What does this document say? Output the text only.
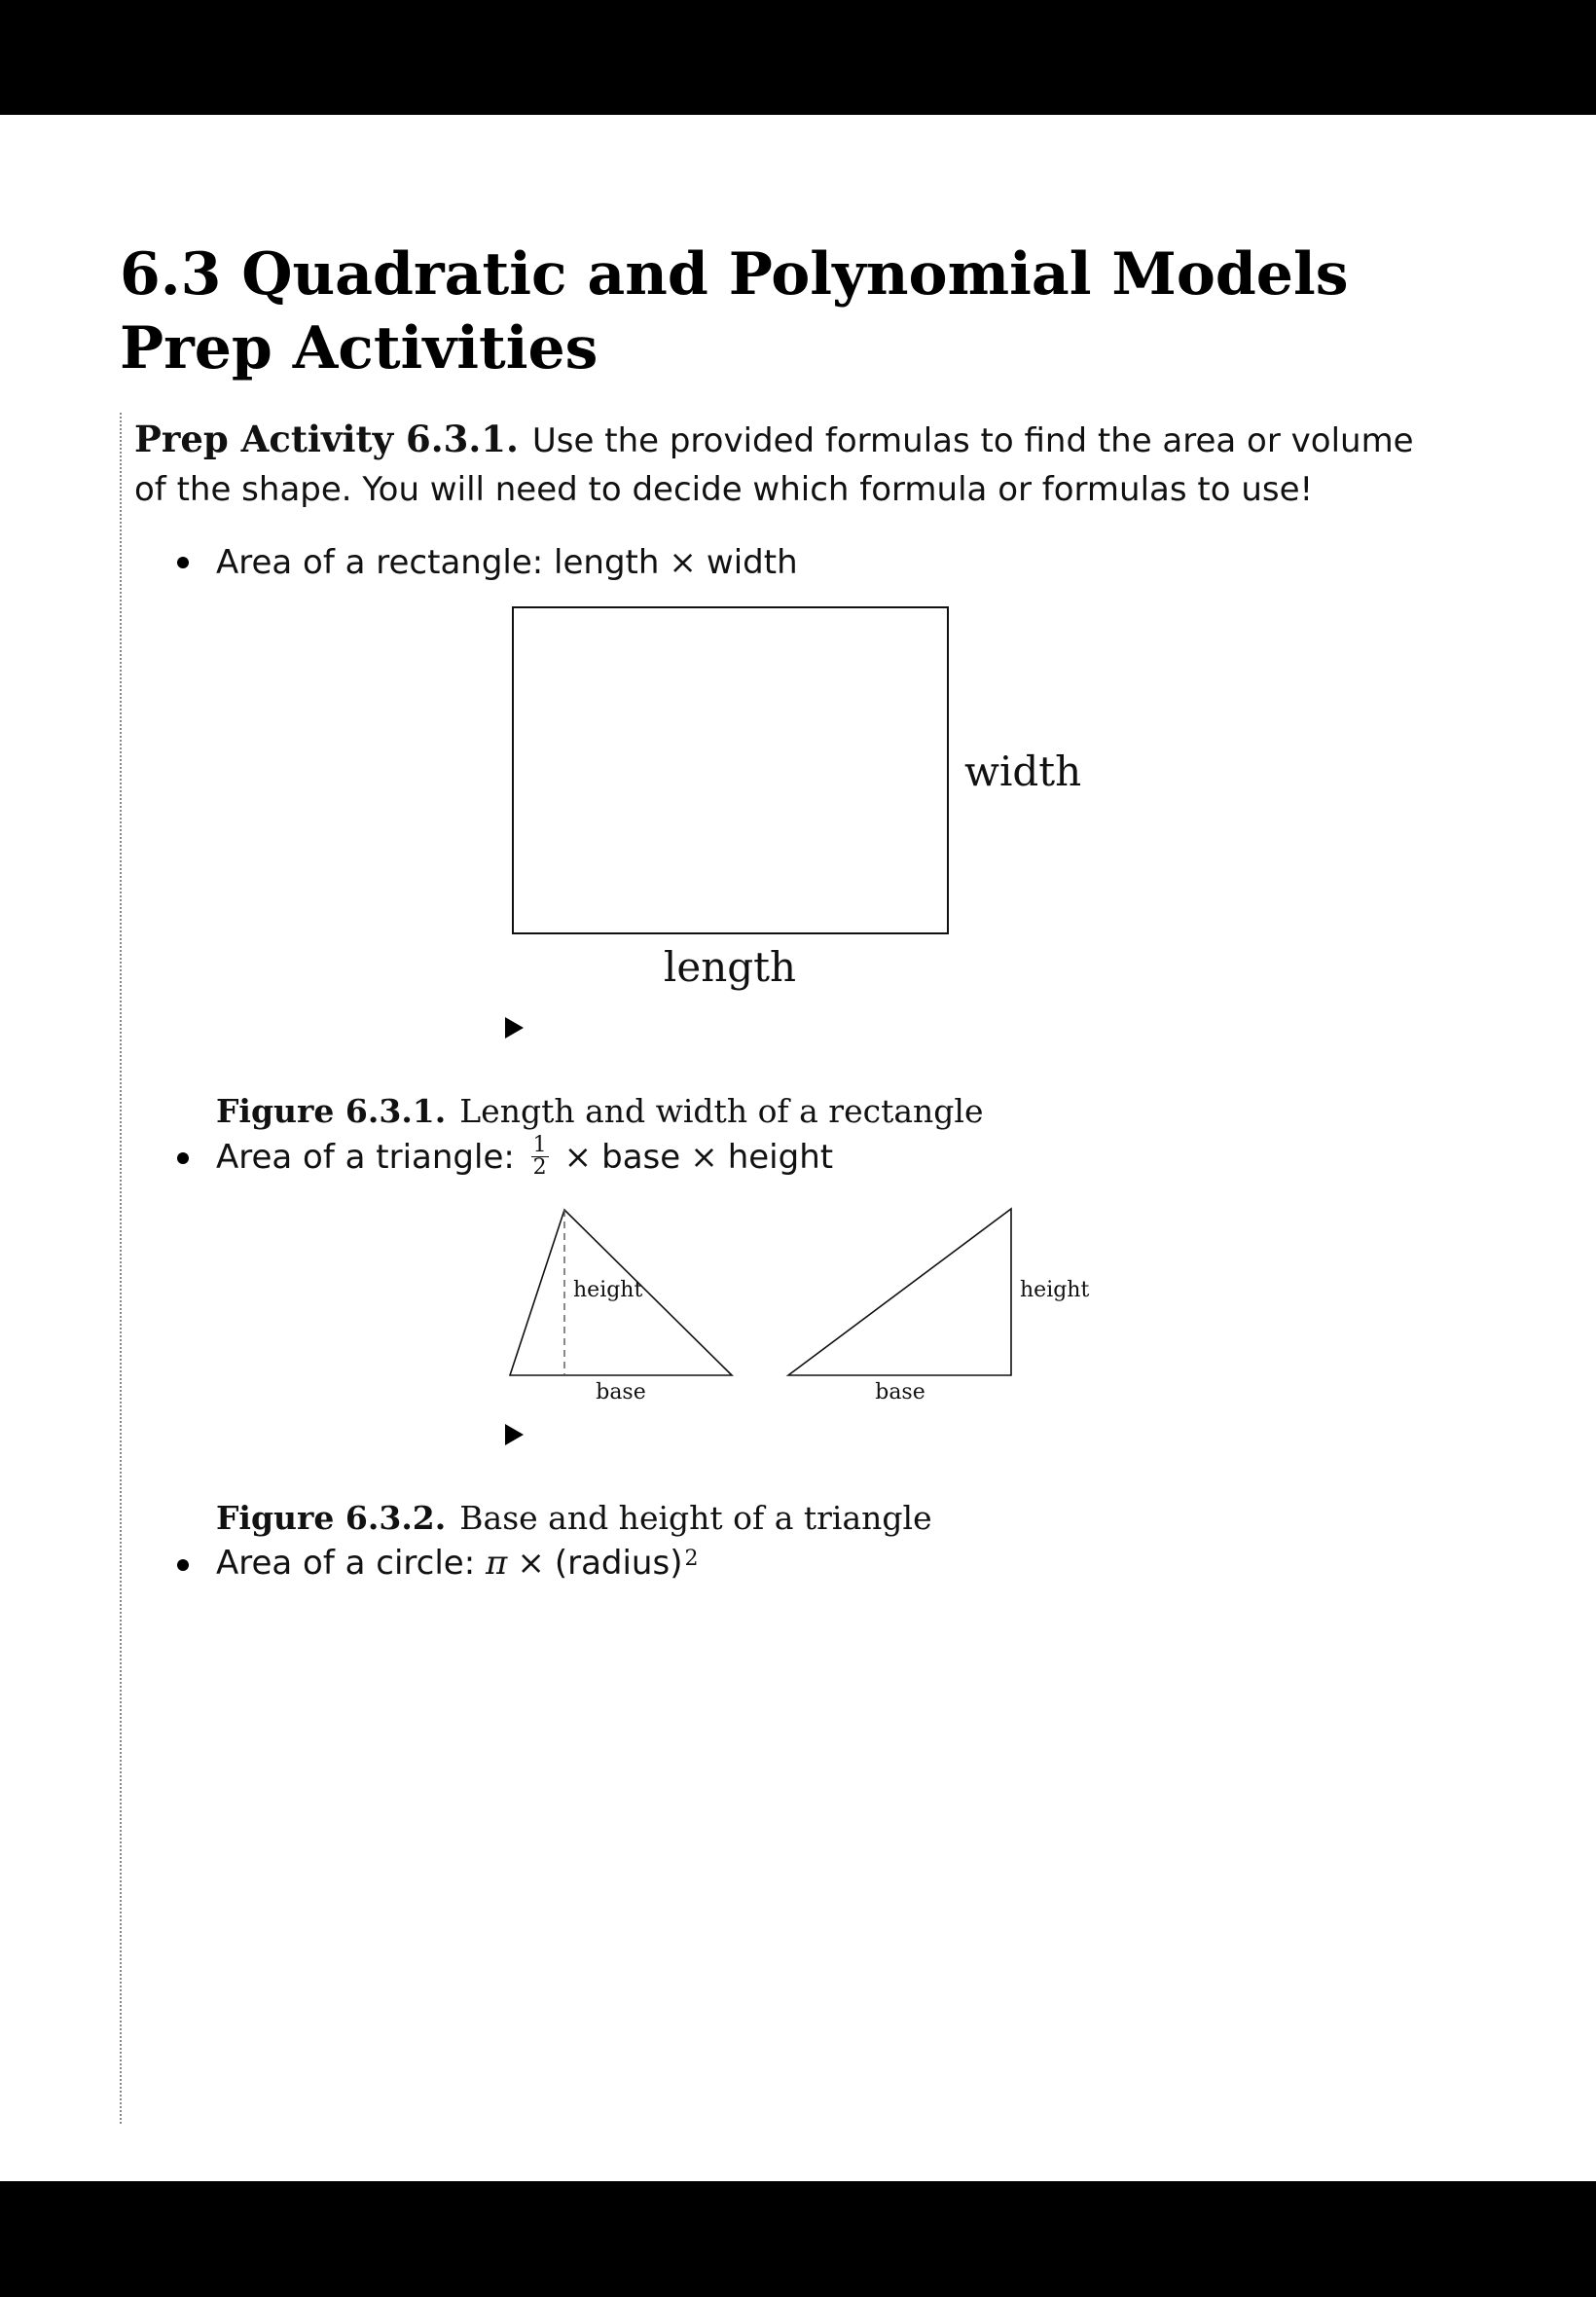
6.3 Quadratic and Polynomial Models Prep Activities

Prep Activity 6.3.1. Use the provided formulas to find the area or volume of the shape. You will need to decide which formula or formulas to use!

Area of a rectangle: length × width
width
length
height
base
height
base
Figure 6.3.1. Length and width of a rectangle
Area of a triangle: $\frac{1}{2}$ × base × height
Figure 6.3.2. Base and height of a triangle
Area of a circle: π × (radius)$^2$
